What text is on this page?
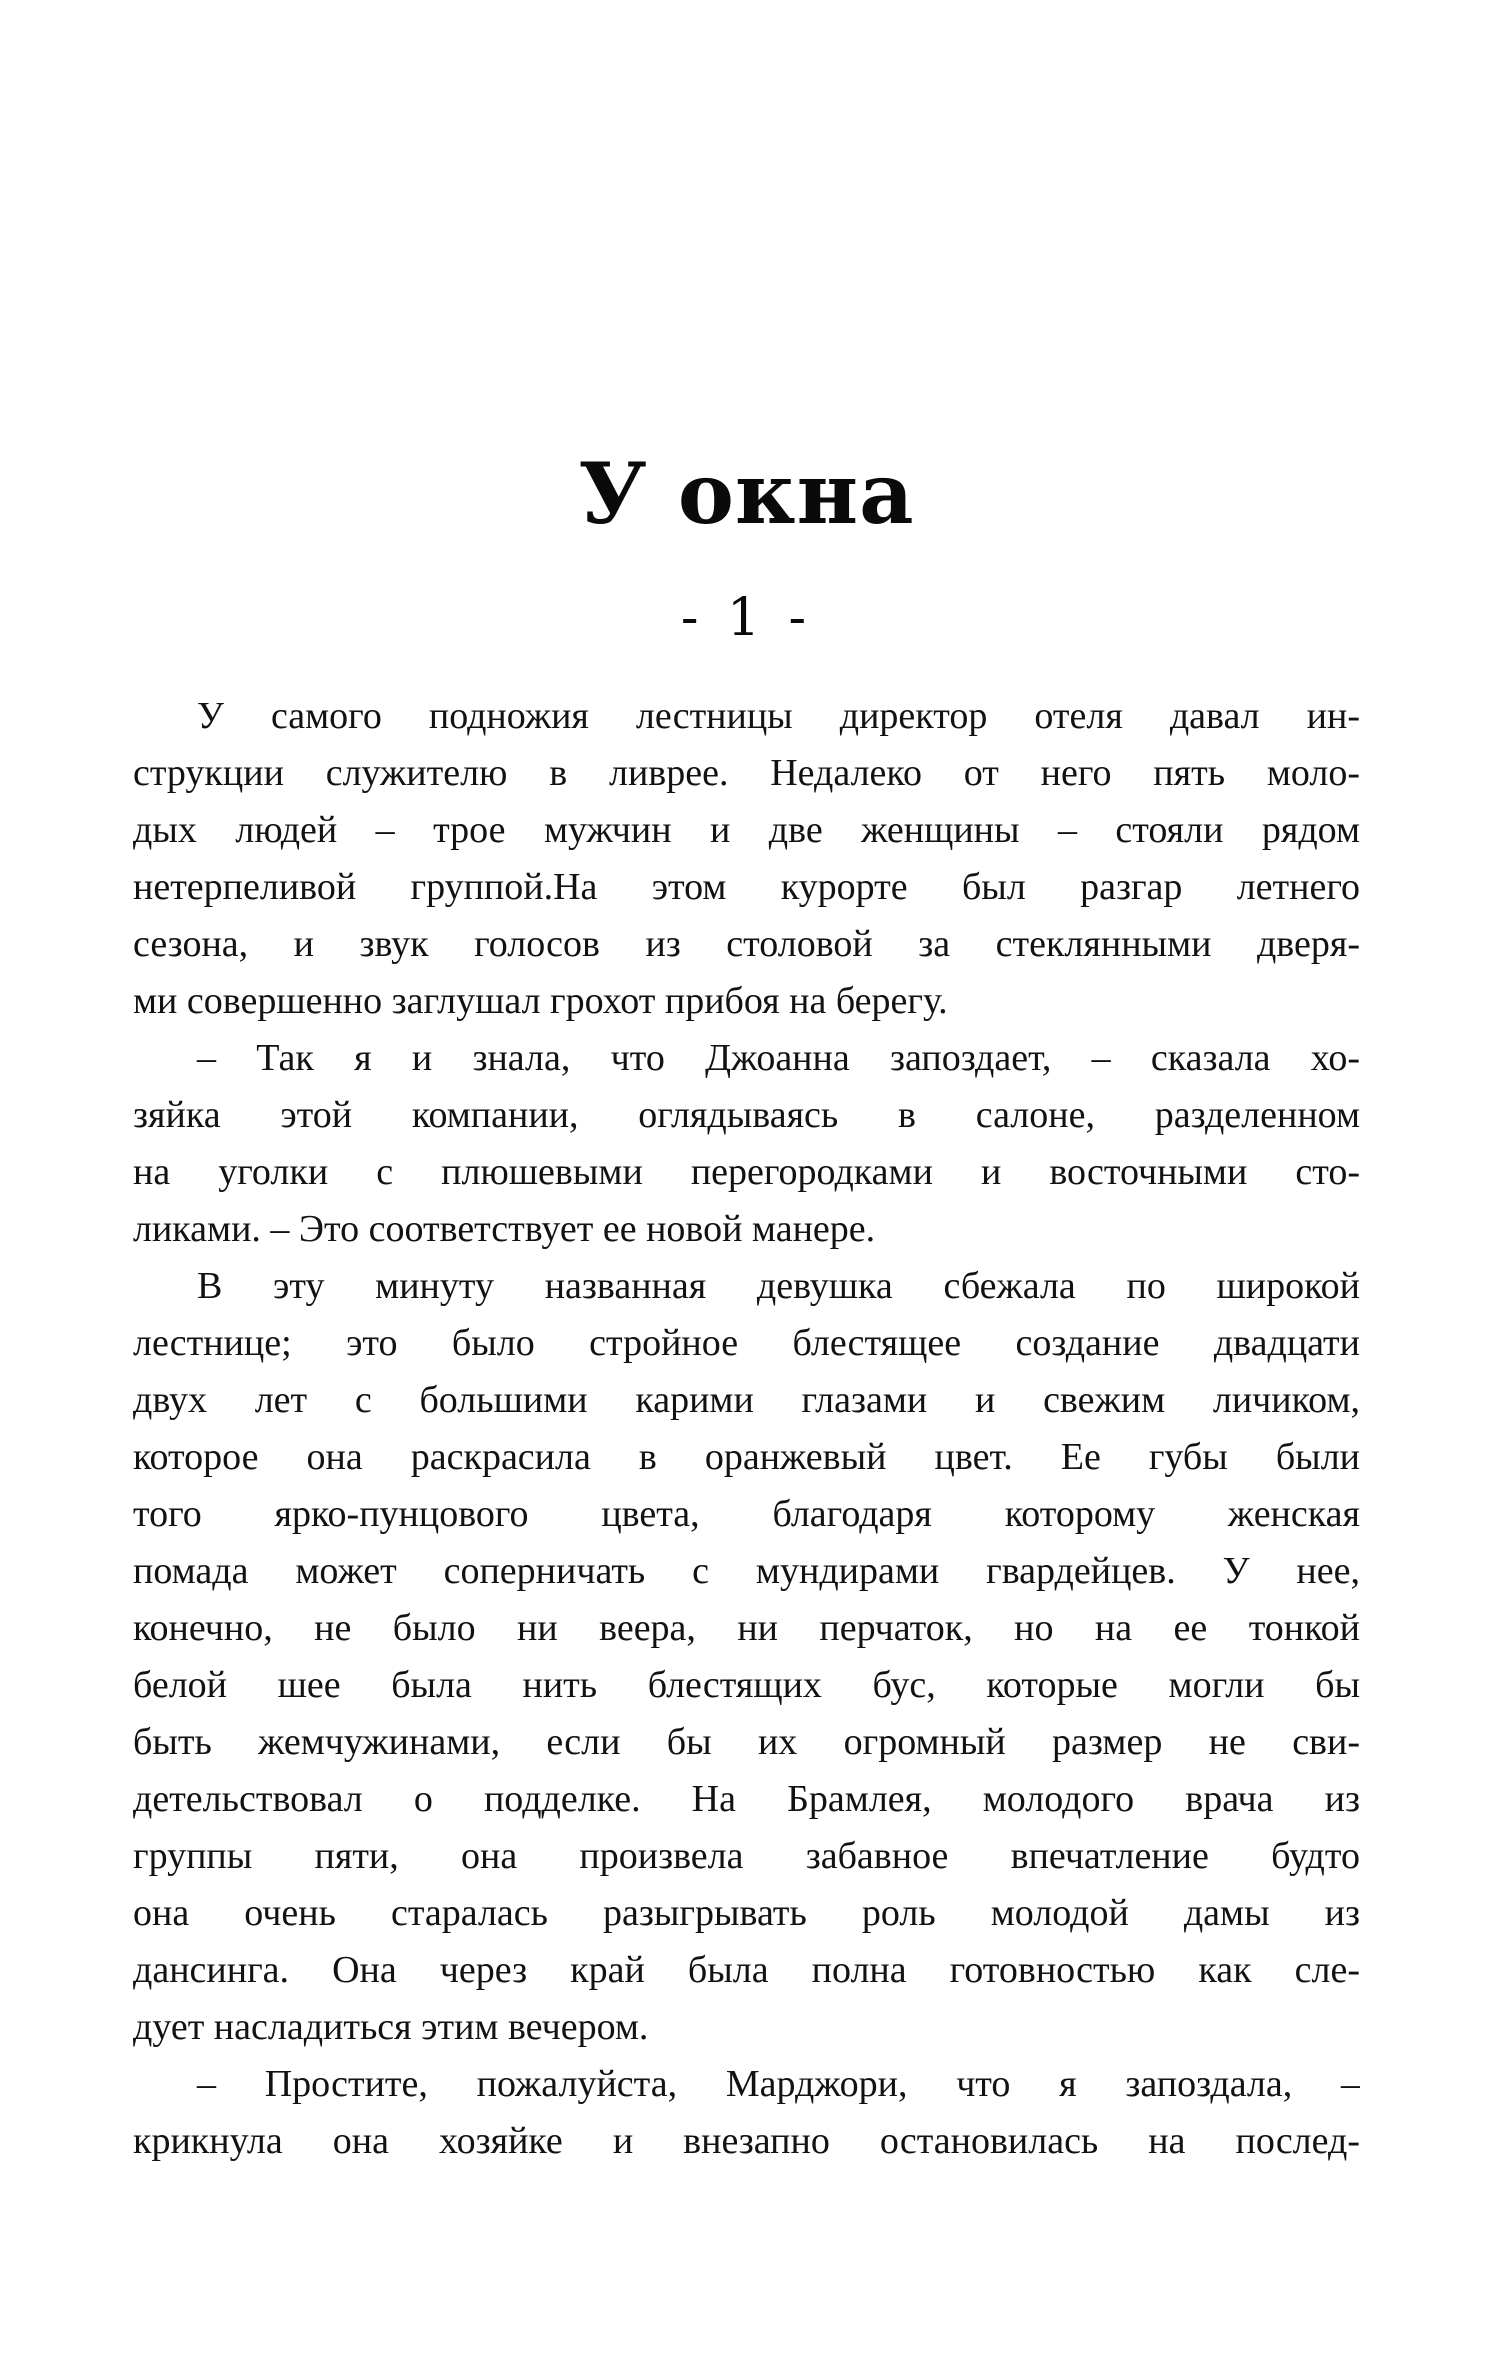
У окна
- 1 -
У самого подножия лестницы директор отеля давал ин-
струкции служителю в ливрее. Недалеко от него пять моло-
дых людей – трое мужчин и две женщины – стояли рядом
нетерпеливой группой.На этом курорте был разгар летнего
сезона, и звук голосов из столовой за стеклянными дверя-
ми совершенно заглушал грохот прибоя на берегу.
– Так я и знала, что Джоанна запоздает, – сказала хо-
зяйка этой компании, оглядываясь в салоне, разделенном
на уголки с плюшевыми перегородками и восточными сто-
ликами. – Это соответствует ее новой манере.
В эту минуту названная девушка сбежала по широкой
лестнице; это было стройное блестящее создание двадцати
двух лет с большими карими глазами и свежим личиком,
которое она раскрасила в оранжевый цвет. Ее губы были
того ярко-пунцового цвета, благодаря которому женская
помада может соперничать с мундирами гвардейцев. У нее,
конечно, не было ни веера, ни перчаток, но на ее тонкой
белой шее была нить блестящих бус, которые могли бы
быть жемчужинами, если бы их огромный размер не сви-
детельствовал о подделке. На Брамлея, молодого врача из
группы пяти, она произвела забавное впечатление будто
она очень старалась разыгрывать роль молодой дамы из
дансинга. Она через край была полна готовностью как сле-
дует насладиться этим вечером.
– Простите, пожалуйста, Марджори, что я запоздала, –
крикнула она хозяйке и внезапно остановилась на послед-
